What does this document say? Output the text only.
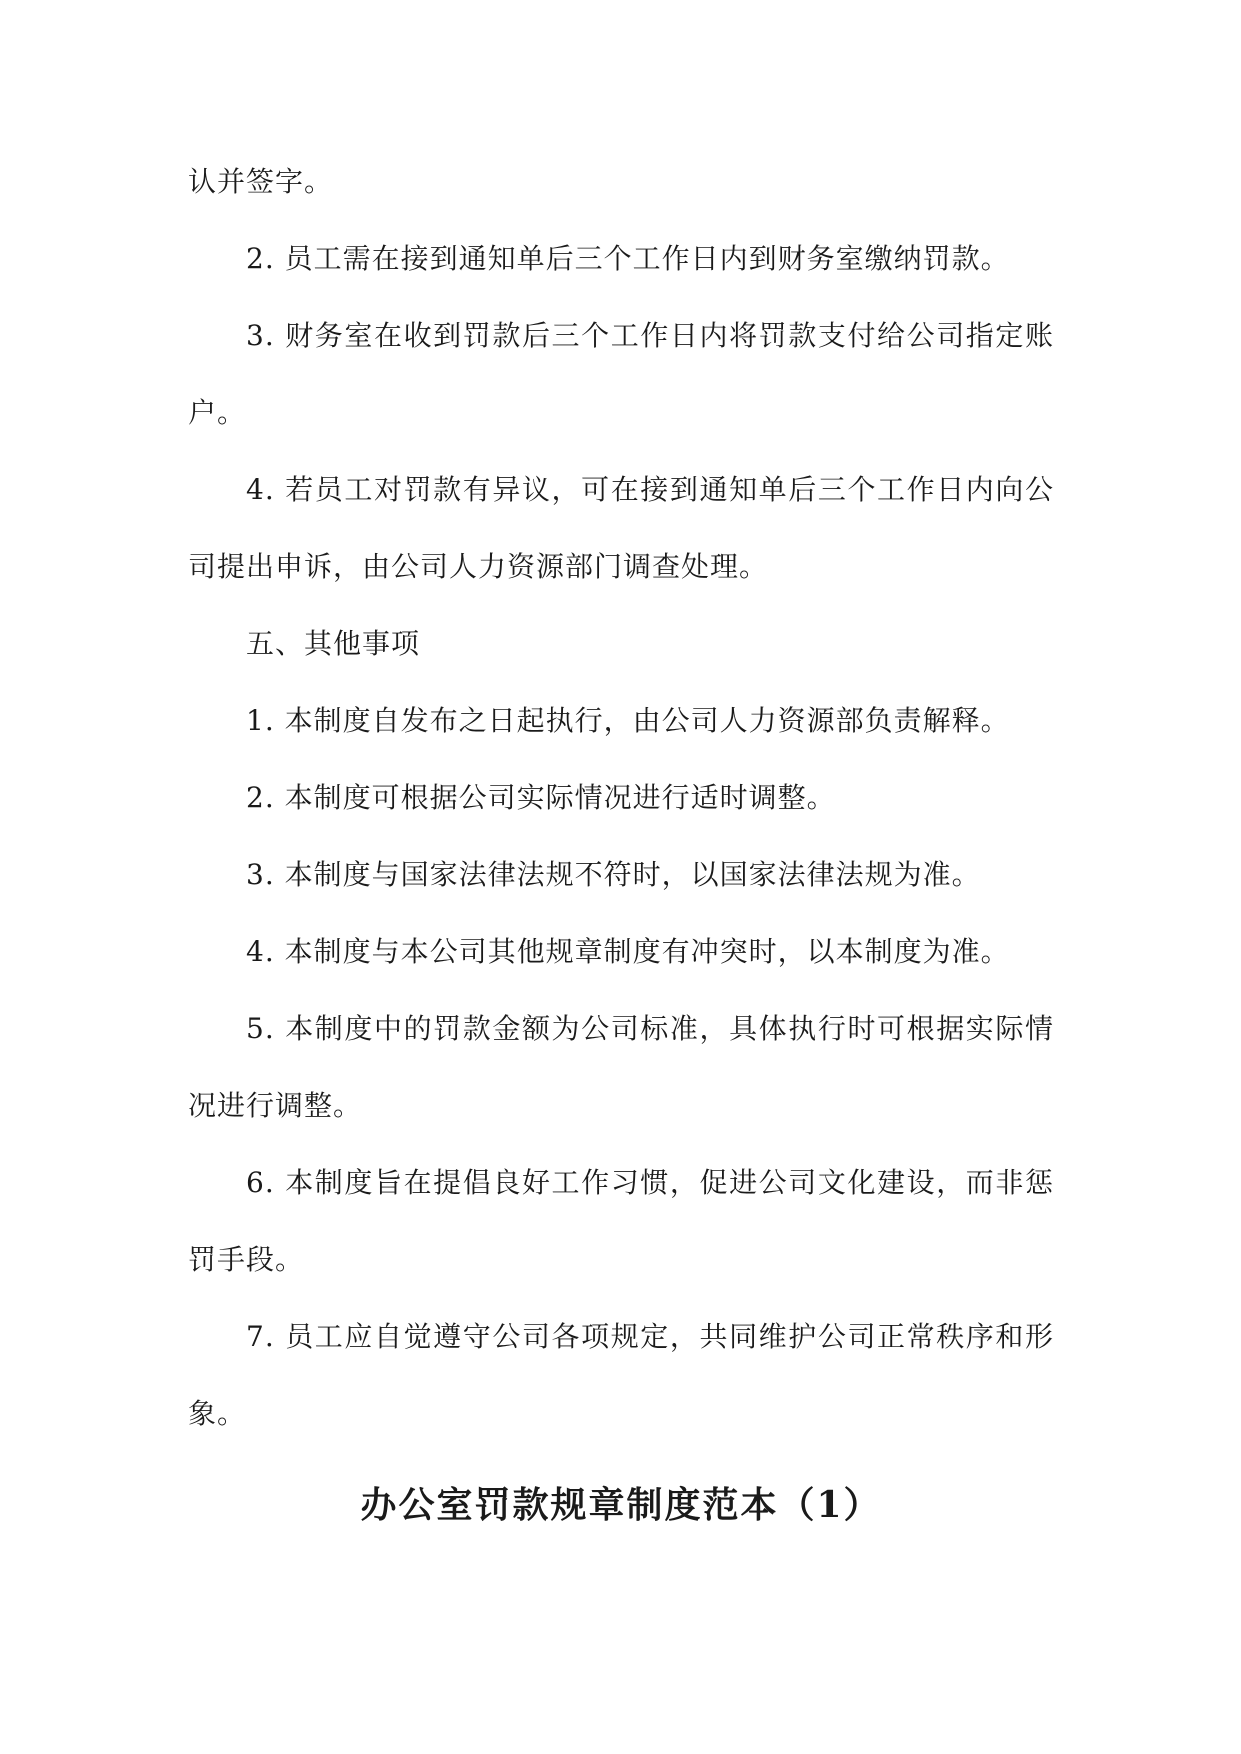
认并签字。

2. 员工需在接到通知单后三个工作日内到财务室缴纳罚款。

3. 财务室在收到罚款后三个工作日内将罚款支付给公司指定账户。

4. 若员工对罚款有异议，可在接到通知单后三个工作日内向公司提出申诉，由公司人力资源部门调查处理。

五、其他事项

1. 本制度自发布之日起执行，由公司人力资源部负责解释。

2. 本制度可根据公司实际情况进行适时调整。

3. 本制度与国家法律法规不符时，以国家法律法规为准。

4. 本制度与本公司其他规章制度有冲突时，以本制度为准。

5. 本制度中的罚款金额为公司标准，具体执行时可根据实际情况进行调整。

6. 本制度旨在提倡良好工作习惯，促进公司文化建设，而非惩罚手段。

7. 员工应自觉遵守公司各项规定，共同维护公司正常秩序和形象。

办公室罚款规章制度范本（1）
